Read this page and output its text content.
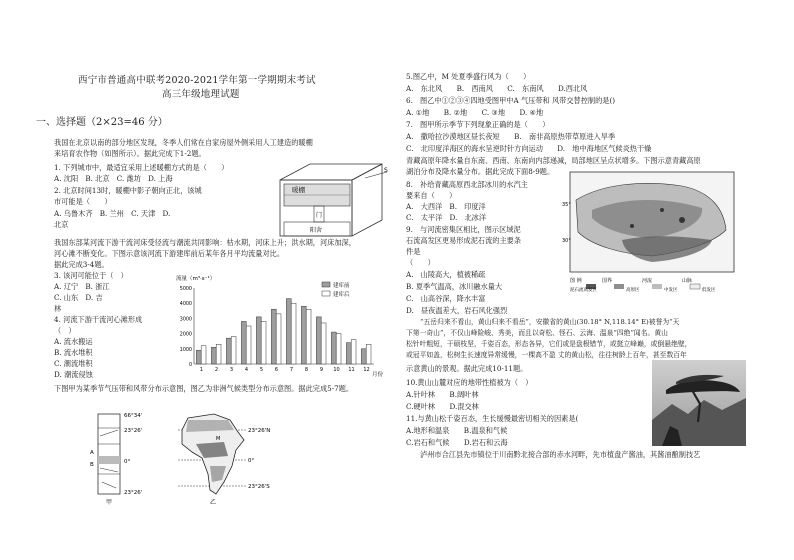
西宁市普通高中联考2020-2021学年第一学期期末考试
高三年级地理试题
一、选择题（2×23=46 分）
我国在北京以南的部分地区发现，冬季人们常在自家房屋外侧采用人工建造的暖棚
来培育农作物（如图所示）。据此完成下1-2题。
1. 下列城市中，最适宜采用上述暖棚方式的是（　　）
A. 沈阳　B. 北京　C. 潍坊　D. 上海
2. 北京时间13时，暖棚中影子朝向正北，该城
市可能是（　　）
A. 乌鲁木齐　B. 兰州　C. 天津　D.
北京
我国东部某河流下游干流河床受径流与潮流共同影响：枯水期，河床上升；洪水期，河床加深，
河心滩不断变化。下图示意该河流下游建库前后某年各月平均流量对比。
据此完成3-4题。
3. 该河可能位于（　）
A. 辽宁　B. 浙江
C. 山东　D. 吉
林
4. 河流下游干流河心滩形成
（　）
A. 流水搬运
B. 流水堆积
C. 潮流堆积
D. 潮流侵蚀
下图甲为某季节气压带和风带分布示意图，图乙为非洲气候类型分布示意图。据此完成5-7题。
暖棚
门
阳舍
S
流量（m³·s⁻¹）
建库前
建库后
5000
4000
3000
2000
1000
0
1 2 3 4 5 6 7 8 9 10 11 12
月份
66°34'
23°26'
0°
23°26'
A
B
甲
M
23°26'N
0°
23°26'S
乙
5.图乙中，M 处夏季盛行风为（　　）
A.　东北风　　B.　西南风　　C.　东南风　　D.西北风
6.　图乙中①②③④四地受图甲中A 气压带和 风带交替控制的是()
A. ①地　　B. ②地　　C. ③地　　D. ④地
7.　图甲所示季节下列现象正确的是（　　）
A.　撒哈拉沙漠地区昼长夜短　　B.　南非高原热带草原进入旱季
C.　北印度洋海区的海水呈逆时针方向运动　　D.　地中海地区气候炎热干燥
青藏高原年降水量自东南、西南、东南向内部递减，局部地区呈点状增多。下图示意青藏高原
湖泊分布及降水量分布。据此完成下面8-9题。
8.　补给青藏高原西北部冰川的水汽主
要来自（　　）
A.　大西洋　B.　印度洋
C.　太平洋　D.　北冰洋
9.　与河流密集区相比，图示区域泥
石流高发区更易形成泥石流的主要条
件是
（　　）
A.　山陵高大，植被稀疏
B. 夏季气温高，冰川融水量大
C.　山高谷深，降水丰富
D.　昼夜温差大，岩石风化强烈
“五岳归来不看山，黄山归来不看岳”，安徽省的黄山(30.18° N,118.14° E)被誉为“天
下第一奇山”，不仅山峰险峻、秀美，而且以奇松、怪石、云海、温泉“四绝”闻名。黄山
松针叶粗短，干硕枝坚，千姿百态，形态各异，它们或是盘根错节，或挺立峰巅，或倒悬绝壁，
或冠平如盖，松树生长速度异常缓慢，一棵高不盈 丈的黄山松，往往树龄上百年，甚至数百年
示意黄山的景观。据此完成10-11题。
10.黄山山麓对应的地带性植被为（　）
A.针叶林　　B.阔叶林
C.硬叶林　　D.混交林
11.与黄山松千姿百态，生长缓慢最密切相关的因素是(
A.地形和温泉　　B.温泉和气候
C.岩石和气候　　D.岩石和云海
泸州市合江县先市镇位于川南黔北接合部的赤水河畔，先市植盘产酱油，其酱油酿制技艺
35°
30°
图 例	国界	河流	山脉
泥石流高发区	高原区	中发区	低发区
